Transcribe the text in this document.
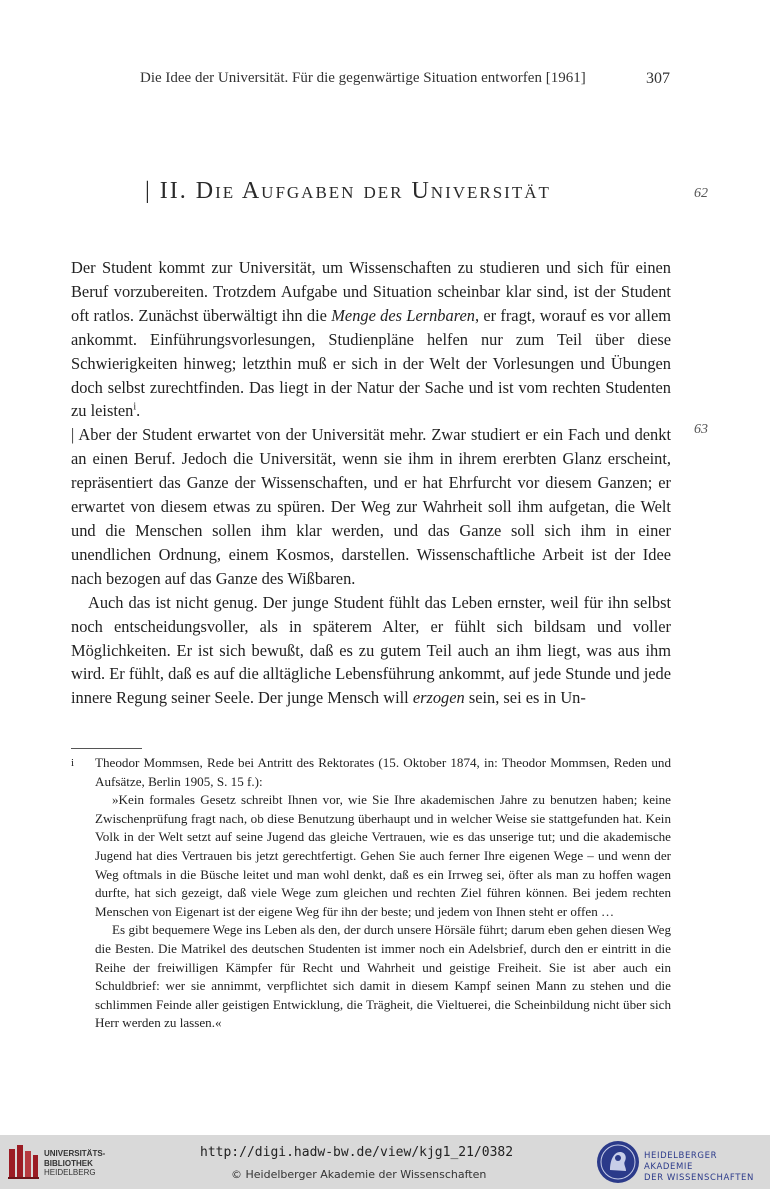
Die Idee der Universität. Für die gegenwärtige Situation entworfen [1961]	307
| II. Die Aufgaben der Universität	62
63

Der Student kommt zur Universität, um Wissenschaften zu studieren und sich für einen Beruf vorzubereiten. Trotzdem Aufgabe und Situation scheinbar klar sind, ist der Student oft ratlos. Zunächst überwältigt ihn die Menge des Lernbaren, er fragt, worauf es vor allem ankommt. Einführungsvorlesungen, Studienpläne helfen nur zum Teil über diese Schwierigkeiten hinweg; letzthin muß er sich in der Welt der Vorlesungen und Übungen doch selbst zurechtfinden. Das liegt in der Natur der Sache und ist vom rechten Studenten zu leisten$^i$.

| Aber der Student erwartet von der Universität mehr. Zwar studiert er ein Fach und denkt an einen Beruf. Jedoch die Universität, wenn sie ihm in ihrem ererbten Glanz erscheint, repräsentiert das Ganze der Wissenschaften, und er hat Ehrfurcht vor diesem Ganzen; er erwartet von diesem etwas zu spüren. Der Weg zur Wahrheit soll ihm aufgetan, die Welt und die Menschen sollen ihm klar werden, und das Ganze soll sich ihm in einer unendlichen Ordnung, einem Kosmos, darstellen. Wissenschaftliche Arbeit ist der Idee nach bezogen auf das Ganze des Wißbaren.

Auch das ist nicht genug. Der junge Student fühlt das Leben ernster, weil für ihn selbst noch entscheidungsvoller, als in späterem Alter, er fühlt sich bildsam und voller Möglichkeiten. Er ist sich bewußt, daß es zu gutem Teil auch an ihm liegt, was aus ihm wird. Er fühlt, daß es auf die alltägliche Lebensführung ankommt, auf jede Stunde und jede innere Regung seiner Seele. Der junge Mensch will erzogen sein, sei es in Un-

i Theodor Mommsen, Rede bei Antritt des Rektorates (15. Oktober 1874, in: Theodor Mommsen, Reden und Aufsätze, Berlin 1905, S. 15 f.):

»Kein formales Gesetz schreibt Ihnen vor, wie Sie Ihre akademischen Jahre zu benutzen haben; keine Zwischenprüfung fragt nach, ob diese Benutzung überhaupt und in welcher Weise sie stattgefunden hat. Kein Volk in der Welt setzt auf seine Jugend das gleiche Vertrauen, wie es das unserige tut; und die akademische Jugend hat dies Vertrauen bis jetzt gerechtfertigt. Gehen Sie auch ferner Ihre eigenen Wege – und wenn der Weg oftmals in die Büsche leitet und man wohl denkt, daß es ein Irrweg sei, öfter als man zu hoffen wagen durfte, hat sich gezeigt, daß viele Wege zum gleichen und rechten Ziel führen können. Bei jedem rechten Menschen von Eigenart ist der eigene Weg für ihn der beste; und jedem von Ihnen steht er offen …

Es gibt bequemere Wege ins Leben als den, der durch unsere Hörsäle führt; darum eben gehen diesen Weg die Besten. Die Matrikel des deutschen Studenten ist immer noch ein Adelsbrief, durch den er eintritt in die Reihe der freiwilligen Kämpfer für Recht und Wahrheit und geistige Freiheit. Sie ist aber auch ein Schuldbrief: wer sie annimmt, verpflichtet sich damit in diesem Kampf seinen Mann zu stehen und die schlimmen Feinde aller geistigen Entwicklung, die Trägheit, die Vieltuerei, die Scheinbildung nicht über sich Herr werden zu lassen.«

UNIVERSITÄTS-
BIBLIOTHEK
HEIDELBERG
http://digi.hadw-bw.de/view/kjg1_21/0382
© Heidelberger Akademie der Wissenschaften
HEIDELBERGER AKADEMIE
DER WISSENSCHAFTEN
